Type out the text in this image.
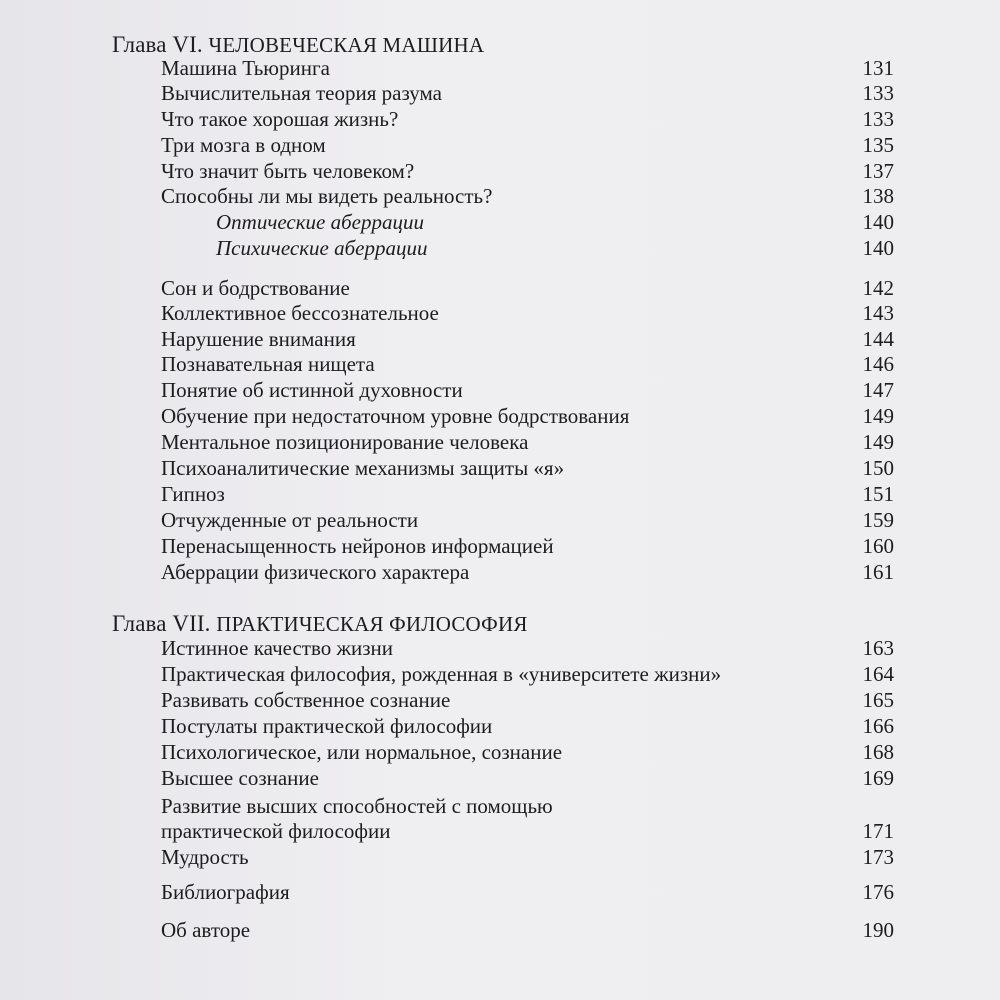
Глава VI. ЧЕЛОВЕЧЕСКАЯ МАШИНА
Машина Тьюринга	131
Вычислительная теория разума	133
Что такое хорошая жизнь?	133
Три мозга в одном	135
Что значит быть человеком?	137
Способны ли мы видеть реальность?	138
Оптические аберрации	140
Психические аберрации	140
Сон и бодрствование	142
Коллективное бессознательное	143
Нарушение внимания	144
Познавательная нищета	146
Понятие об истинной духовности	147
Обучение при недостаточном уровне бодрствования	149
Ментальное позиционирование человека	149
Психоаналитические механизмы защиты «я»	150
Гипноз	151
Отчужденные от реальности	159
Перенасыщенность нейронов информацией	160
Аберрации физического характера	161
Глава VII. ПРАКТИЧЕСКАЯ ФИЛОСОФИЯ
Истинное качество жизни	163
Практическая философия, рожденная в «университете жизни»	164
Развивать собственное сознание	165
Постулаты практической философии	166
Психологическое, или нормальное, сознание	168
Высшее сознание	169
Развитие высших способностей с помощью
практической философии	171
Мудрость	173
Библиография	176
Об авторе	190
